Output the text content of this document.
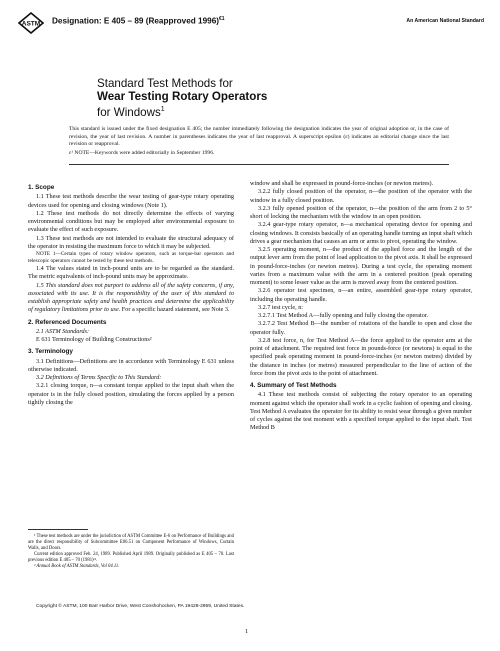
ASTM Designation: E 405 – 89 (Reapproved 1996)$^{€1}$	An American National Standard
Standard Test Methods for
Wear Testing Rotary Operators
for Windows$^1$
This standard is issued under the fixed designation E 405; the number immediately following the designation indicates the year of original adoption or, in the case of revision, the year of last revision. A number in parentheses indicates the year of last reapproval. A superscript epsilon (ε) indicates an editorial change since the last revision or reapproval.
ε¹ NOTE—Keywords were added editorially in September 1996.

1. Scope

1.1 These test methods describe the wear testing of gear-type rotary operating devices used for opening and closing windows (Note 1).

1.2 These test methods do not directly determine the effects of varying environmental conditions but may be employed after environmental exposure to evaluate the effect of such exposure.

1.3 These test methods are not intended to evaluate the structural adequacy of the operator in resisting the maximum force to which it may be subjected.

NOTE 1—Certain types of rotary window operators, such as torque-bar operators and telescopic operators cannot be tested by these test methods.

1.4 The values stated in inch-pound units are to be regarded as the standard. The metric equivalents of inch-pound units may be approximate.

1.5 This standard does not purport to address all of the safety concerns, if any, associated with its use. It is the responsibility of the user of this standard to establish appropriate safety and health practices and determine the applicability of regulatory limitations prior to use. For a specific hazard statement, see Note 3.

2. Referenced Documents

2.1 ASTM Standards:

E 631 Terminology of Building Constructions²

3. Terminology

3.1 Definitions—Definitions are in accordance with Terminology E 631 unless otherwise indicated.

3.2 Definitions of Terms Specific to This Standard:

3.2.1 closing torque, n—a constant torque applied to the input shaft when the operator is in the fully closed position, simulating the forces applied by a person tightly closing the

window and shall be expressed in pound-force-inches (or newton metres).

3.2.2 fully closed position of the operator, n—the position of the operator with the window in a fully closed position.

3.2.3 fully opened position of the operator, n—the position of the arm from 2 to 5° short of locking the mechanism with the window in an open position.

3.2.4 gear-type rotary operator, n—a mechanical operating device for opening and closing windows. It consists basically of an operating handle turning an input shaft which drives a gear mechanism that causes an arm or arms to pivot, operating the window.

3.2.5 operating moment, n—the product of the applied force and the length of the output lever arm from the point of load application to the pivot axis. It shall be expressed in pound-force-inches (or newton metres). During a test cycle, the operating moment varies from a maximum value with the arm in a centered position (peak operating moment) to some lesser value as the arm is moved away from the centered position.

3.2.6 operator test specimen, n—an entire, assembled gear-type rotary operator, including the operating handle.

3.2.7 test cycle, n:

3.2.7.1 Test Method A—fully opening and fully closing the operator.

3.2.7.2 Test Method B—the number of rotations of the handle to open and close the operator fully.

3.2.8 test force, n, for Test Method A—the force applied to the operator arm at the point of attachment. The required test force in pounds-force (or newtons) is equal to the specified peak operating moment in pound-force-inches (or newton metres) divided by the distance in inches (or metres) measured perpendicular to the line of action of the force from the pivot axis to the point of attachment.

4. Summary of Test Methods

4.1 These test methods consist of subjecting the rotary operator to an operating moment against which the operator shall work in a cyclic fashion of opening and closing. Test Method A evaluates the operator for its ability to resist wear through a given number of cycles against the test moment with a specified torque applied to the input shaft. Test Method B

¹ These test methods are under the jurisdiction of ASTM Committee E-6 on Performance of Buildings and are the direct responsibility of Subcommittee E06.51 on Component Performance of Windows, Curtain Walls, and Doors.

Current edition approved Feb. 24, 1989. Published April 1989. Originally published as E 405 – 70. Last previous edition E 405 – 70 (1981)ᵉ¹.

² Annual Book of ASTM Standards, Vol 04.11.

Copyright © ASTM, 100 Barr Harbor Drive, West Conshohocken, PA 19428-2959, United States.
1
